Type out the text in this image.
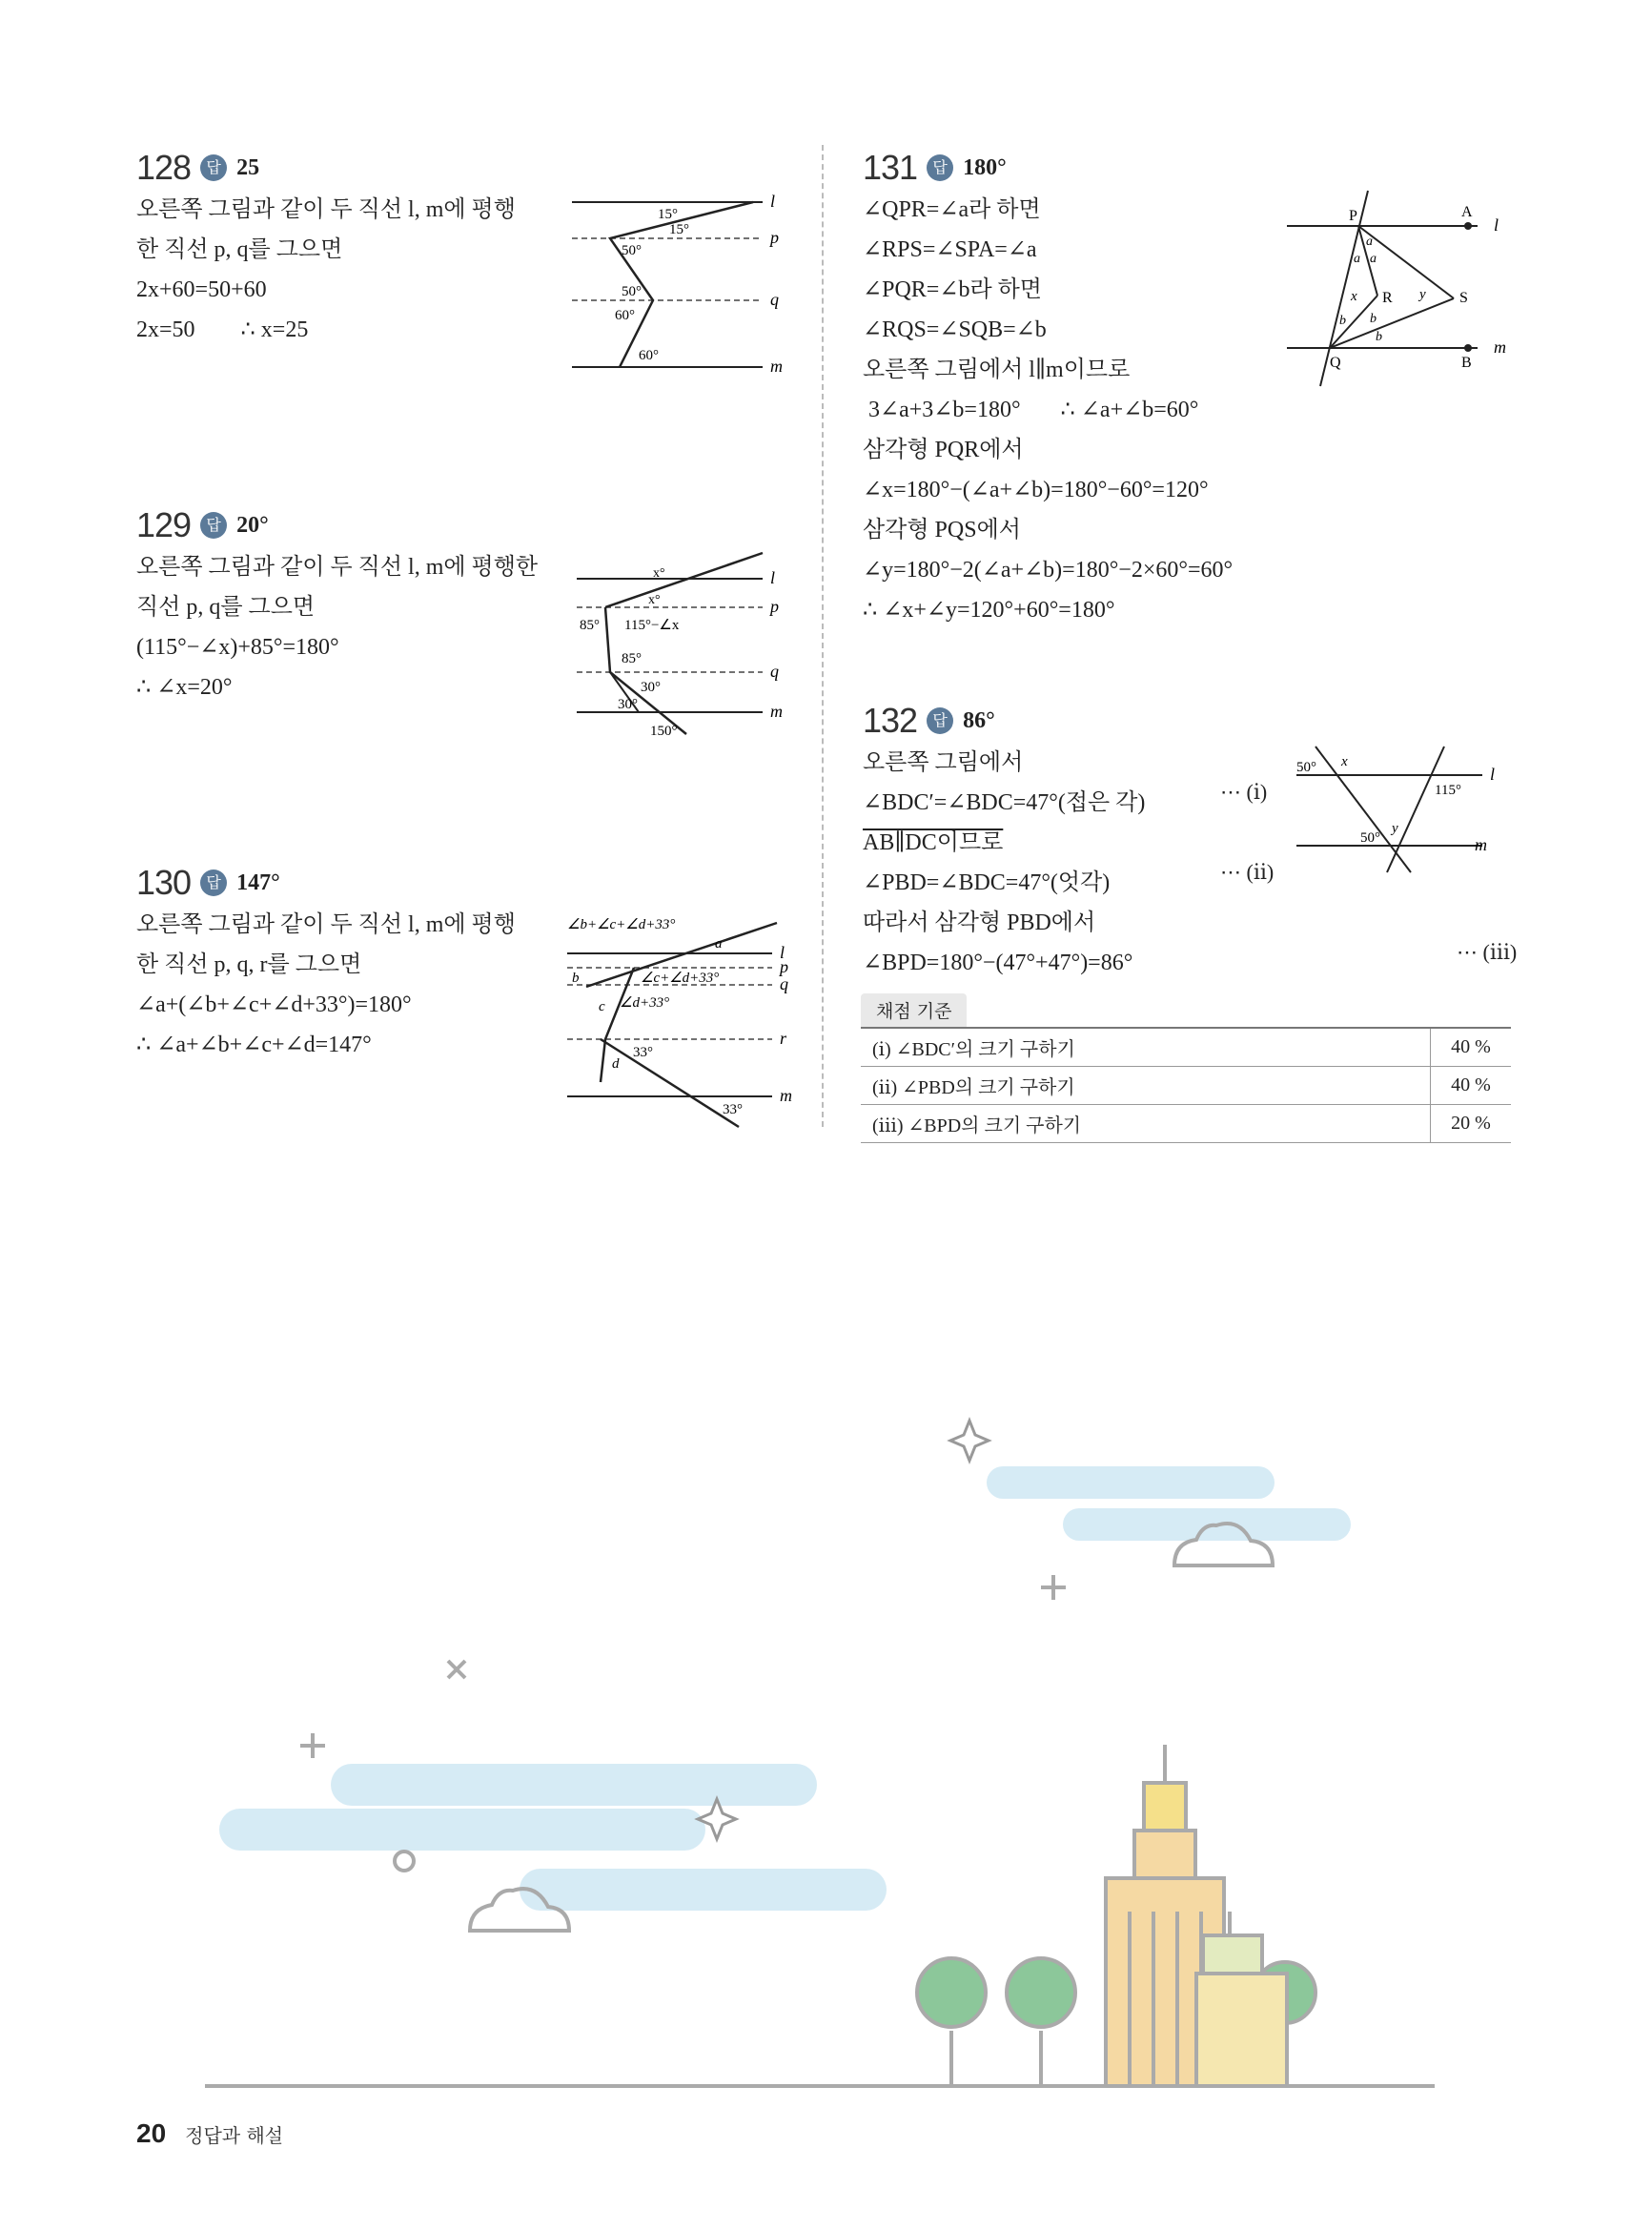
128	답 25
오른쪽 그림과 같이 두 직선 l, m에 평행
한 직선 p, q를 그으면
2x+60=50+60
2x=50        ∴ x=25
l
p
q
m
15°
15°
50°
50°
60°
60°
129	답 20°
오른쪽 그림과 같이 두 직선 l, m에 평행한
직선 p, q를 그으면
(115°−∠x)+85°=180°
∴ ∠x=20°
l
p
q
m
x°
x°
85° 115°−∠x
85°
30°
30°
150°
130	답 147°
오른쪽 그림과 같이 두 직선 l, m에 평행
한 직선 p, q, r를 그으면
∠a+(∠b+∠c+∠d+33°)=180°
∴ ∠a+∠b+∠c+∠d=147°
∠b+∠c+∠d+33°
l
p
q
r
m
a
b	∠c+∠d+33°
c ∠d+33°
33°
d
33°
131	답 180°
∠QPR=∠a라 하면
∠RPS=∠SPA=∠a
∠PQR=∠b라 하면
∠RQS=∠SQB=∠b
오른쪽 그림에서 l∥m이므로
3∠a+3∠b=180°       ∴ ∠a+∠b=60°
삼각형 PQR에서
∠x=180°−(∠a+∠b)=180°−60°=120°
삼각형 PQS에서
∠y=180°−2(∠a+∠b)=180°−2×60°=60°
∴ ∠x+∠y=120°+60°=180°
P	A
l
Q	B
m
R	S
x	y
a
a a
b b
b
132	답 86°
오른쪽 그림에서
∠BDC′=∠BDC=47°(접은 각)
AB∥DC이므로
∠PBD=∠BDC=47°(엇각)
따라서 삼각형 PBD에서
∠BPD=180°−(47°+47°)=86°
⋯ (ⅰ)
⋯ (ⅱ)
⋯ (ⅲ)
50° x
l
115°
50°
y
m
채점 기준
(ⅰ) ∠BDC′의 크기 구하기	40 %
(ⅱ) ∠PBD의 크기 구하기	40 %
(ⅲ) ∠BPD의 크기 구하기	20 %
20 정답과 해설
